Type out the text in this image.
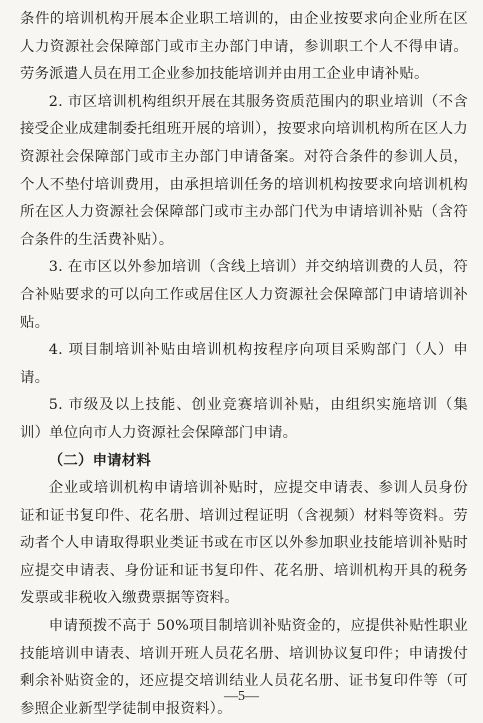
条件的培训机构开展本企业职工培训的，由企业按要求向企业所在区人力资源社会保障部门或市主办部门申请，参训职工个人不得申请。劳务派遣人员在用工企业参加技能培训并由用工企业申请补贴。

2. 市区培训机构组织开展在其服务资质范围内的职业培训（不含接受企业成建制委托组班开展的培训），按要求向培训机构所在区人力资源社会保障部门或市主办部门申请备案。对符合条件的参训人员，个人不垫付培训费用，由承担培训任务的培训机构按要求向培训机构所在区人力资源社会保障部门或市主办部门代为申请培训补贴（含符合条件的生活费补贴）。

3. 在市区以外参加培训（含线上培训）并交纳培训费的人员，符合补贴要求的可以向工作或居住区人力资源社会保障部门申请培训补贴。

4. 项目制培训补贴由培训机构按程序向项目采购部门（人）申请。

5. 市级及以上技能、创业竞赛培训补贴，由组织实施培训（集训）单位向市人力资源社会保障部门申请。

（二）申请材料

企业或培训机构申请培训补贴时，应提交申请表、参训人员身份证和证书复印件、花名册、培训过程证明（含视频）材料等资料。劳动者个人申请取得职业类证书或在市区以外参加职业技能培训补贴时应提交申请表、身份证和证书复印件、花名册、培训机构开具的税务发票或非税收入缴费票据等资料。

申请预拨不高于 50%项目制培训补贴资金的，应提供补贴性职业技能培训申请表、培训开班人员花名册、培训协议复印件；申请拨付剩余补贴资金的，还应提交培训结业人员花名册、证书复印件等（可参照企业新型学徒制申报资料）。

—5—
